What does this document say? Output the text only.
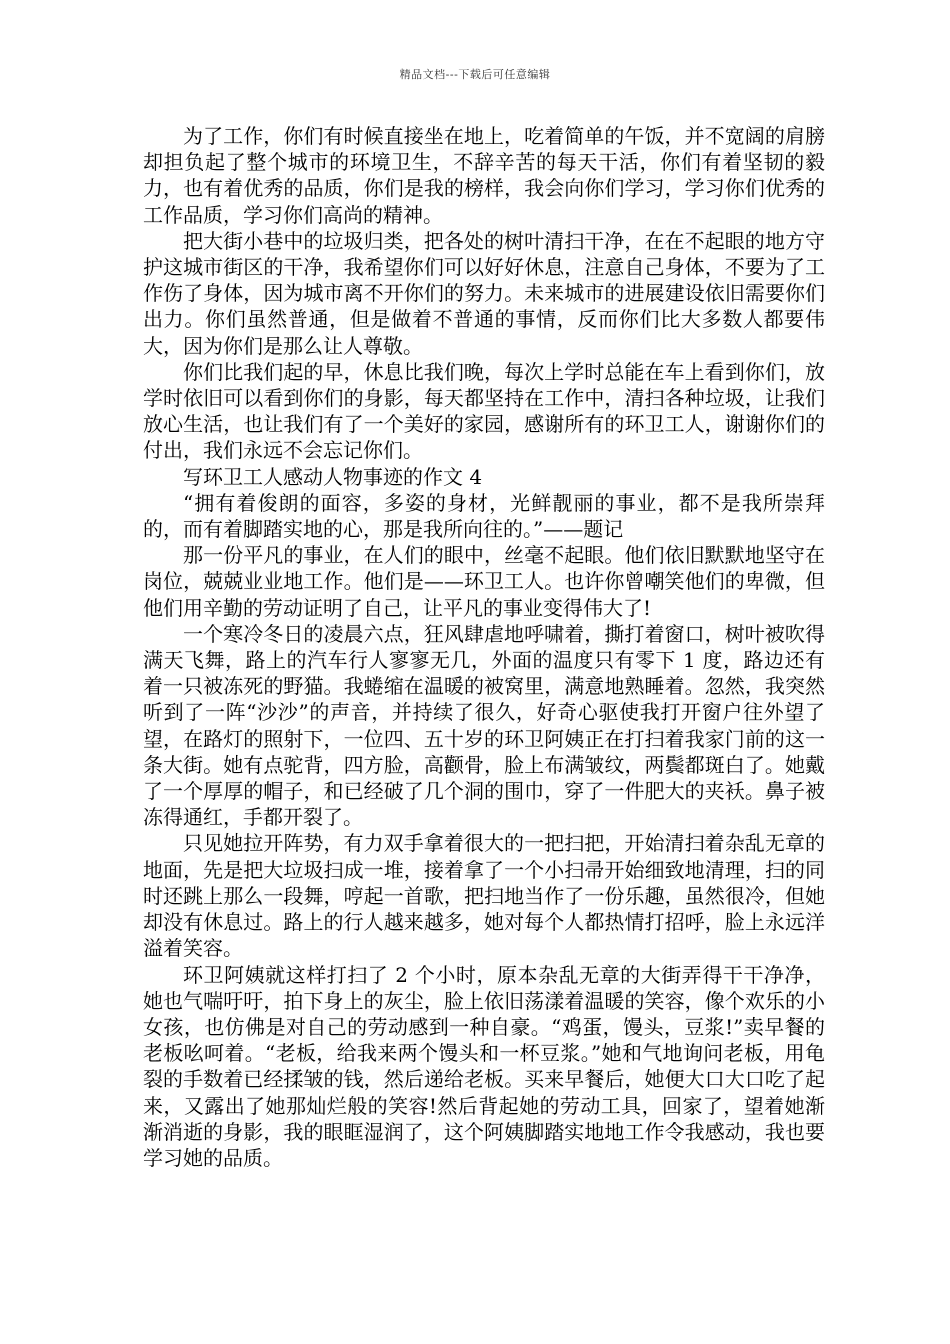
精品文档---下载后可任意编辑

为了工作，你们有时候直接坐在地上，吃着简单的午饭，并不宽阔的肩膀却担负起了整个城市的环境卫生，不辞辛苦的每天干活，你们有着坚韧的毅力，也有着优秀的品质，你们是我的榜样，我会向你们学习，学习你们优秀的工作品质，学习你们高尚的精神。

把大街小巷中的垃圾归类，把各处的树叶清扫干净，在在不起眼的地方守护这城市街区的干净，我希望你们可以好好休息，注意自己身体，不要为了工作伤了身体，因为城市离不开你们的努力。未来城市的进展建设依旧需要你们出力。你们虽然普通，但是做着不普通的事情，反而你们比大多数人都要伟大，因为你们是那么让人尊敬。

你们比我们起的早，休息比我们晚，每次上学时总能在车上看到你们，放学时依旧可以看到你们的身影，每天都坚持在工作中，清扫各种垃圾，让我们放心生活，也让我们有了一个美好的家园，感谢所有的环卫工人，谢谢你们的付出，我们永远不会忘记你们。

写环卫工人感动人物事迹的作文 4

“拥有着俊朗的面容，多姿的身材，光鲜靓丽的事业，都不是我所崇拜的，而有着脚踏实地的心，那是我所向往的。”——题记

那一份平凡的事业，在人们的眼中，丝毫不起眼。他们依旧默默地坚守在岗位，兢兢业业地工作。他们是——环卫工人。也许你曾嘲笑他们的卑微，但他们用辛勤的劳动证明了自己，让平凡的事业变得伟大了!

一个寒冷冬日的凌晨六点，狂风肆虐地呼啸着，撕打着窗口，树叶被吹得满天飞舞，路上的汽车行人寥寥无几，外面的温度只有零下 1 度，路边还有着一只被冻死的野猫。我蜷缩在温暖的被窝里，满意地熟睡着。忽然，我突然听到了一阵“沙沙”的声音，并持续了很久，好奇心驱使我打开窗户往外望了望，在路灯的照射下，一位四、五十岁的环卫阿姨正在打扫着我家门前的这一条大街。她有点驼背，四方脸，高颧骨，脸上布满皱纹，两鬓都斑白了。她戴了一个厚厚的帽子，和已经破了几个洞的围巾，穿了一件肥大的夹袄。鼻子被冻得通红，手都开裂了。

只见她拉开阵势，有力双手拿着很大的一把扫把，开始清扫着杂乱无章的地面，先是把大垃圾扫成一堆，接着拿了一个小扫帚开始细致地清理，扫的同时还跳上那么一段舞，哼起一首歌，把扫地当作了一份乐趣，虽然很冷，但她却没有休息过。路上的行人越来越多，她对每个人都热情打招呼，脸上永远洋溢着笑容。

环卫阿姨就这样打扫了 2 个小时，原本杂乱无章的大街弄得干干净净，她也气喘吁吁，拍下身上的灰尘，脸上依旧荡漾着温暖的笑容，像个欢乐的小女孩，也仿佛是对自己的劳动感到一种自豪。“鸡蛋，馒头，豆浆!”卖早餐的老板吆呵着。“老板，给我来两个馒头和一杯豆浆。”她和气地询问老板，用龟裂的手数着已经揉皱的钱，然后递给老板。买来早餐后，她便大口大口吃了起来，又露出了她那灿烂般的笑容!然后背起她的劳动工具，回家了，望着她渐渐消逝的身影，我的眼眶湿润了，这个阿姨脚踏实地地工作令我感动，我也要学习她的品质。
